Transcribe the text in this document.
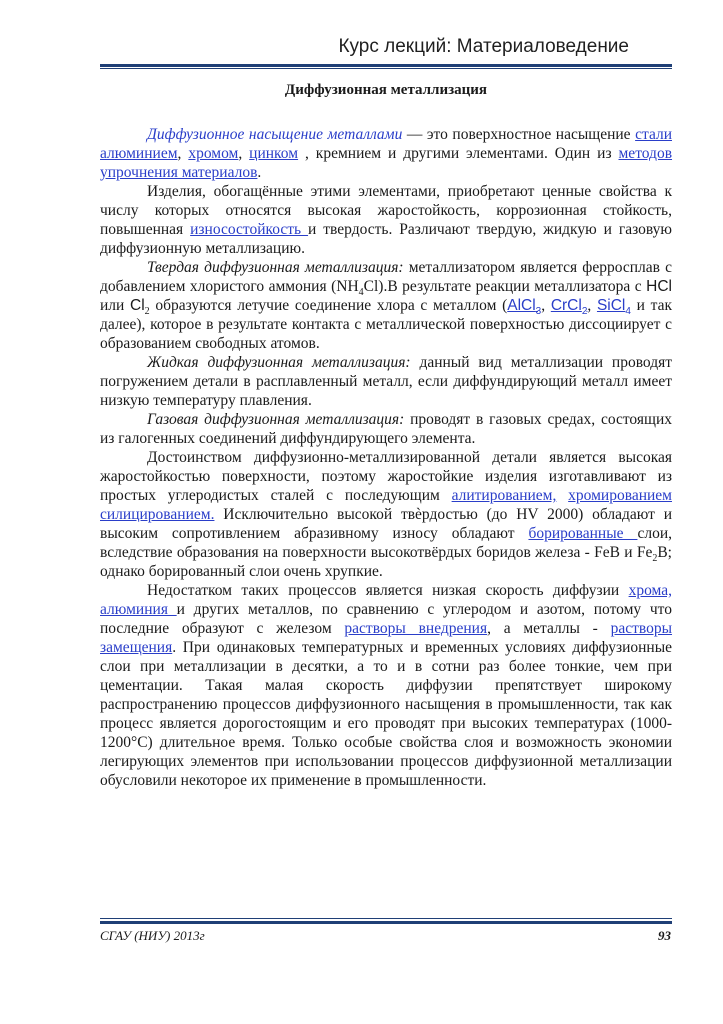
Курс лекций: Материаловедение
Диффузионная металлизация

Диффузионное насыщение металлами — это поверхностное насыщение стали алюминием, хромом, цинком , кремнием и другими элементами. Один из методов упрочнения материалов.

Изделия, обогащённые этими элементами, приобретают ценные свойства к числу которых относятся высокая жаростойкость, коррозионная стойкость, повышенная износостойкость и твердость. Различают твердую, жидкую и газовую диффузионную металлизацию.

Твердая диффузионная металлизация: металлизатором является ферросплав с добавлением хлористого аммония $(NH_4Cl).В$ результате реакции металлизатора с HCl или $Cl_2$ образуются летучие соединение хлора с металлом (AlCl$_3$, CrCl$_2$, SiCl$_4$ и так далее), которое в результате контакта с металлической поверхностью диссоциирует с образованием свободных атомов.

Жидкая диффузионная металлизация: данный вид металлизации проводят погружением детали в расплавленный металл, если диффундирующий металл имеет низкую температуру плавления.

Газовая диффузионная металлизация: проводят в газовых средах, состоящих из галогенных соединений диффундирующего элемента.

Достоинством диффузионно-металлизированной детали является высокая жаростойкостью поверхности, поэтому жаростойкие изделия изготавливают из простых углеродистых сталей с последующим алитированием, хромированием силицированием. Исключительно высокой твѐрдостью (до HV 2000) обладают и высоким сопротивлением абразивному износу обладают борированные слои, вследствие образования на поверхности высокотвёрдых боридов железа - FeB и $Fe_2B$; однако борированный слои очень хрупкие.

Недостатком таких процессов является низкая скорость диффузии хрома, алюминия и других металлов, по сравнению с углеродом и азотом, потому что последние образуют с железом растворы внедрения, а металлы - растворы замещения. При одинаковых температурных и временных условиях диффузионные слои при металлизации в десятки, а то и в сотни раз более тонкие, чем при цементации. Такая малая скорость диффузии препятствует широкому распространению процессов диффузионного насыщения в промышленности, так как процесс является дорогостоящим и его проводят при высоких температурах (1000-1200°С) длительное время. Только особые свойства слоя и возможность экономии легирующих элементов при использовании процессов диффузионной металлизации обусловили некоторое их применение в промышленности.

СГАУ (НИУ) 2013г	93
